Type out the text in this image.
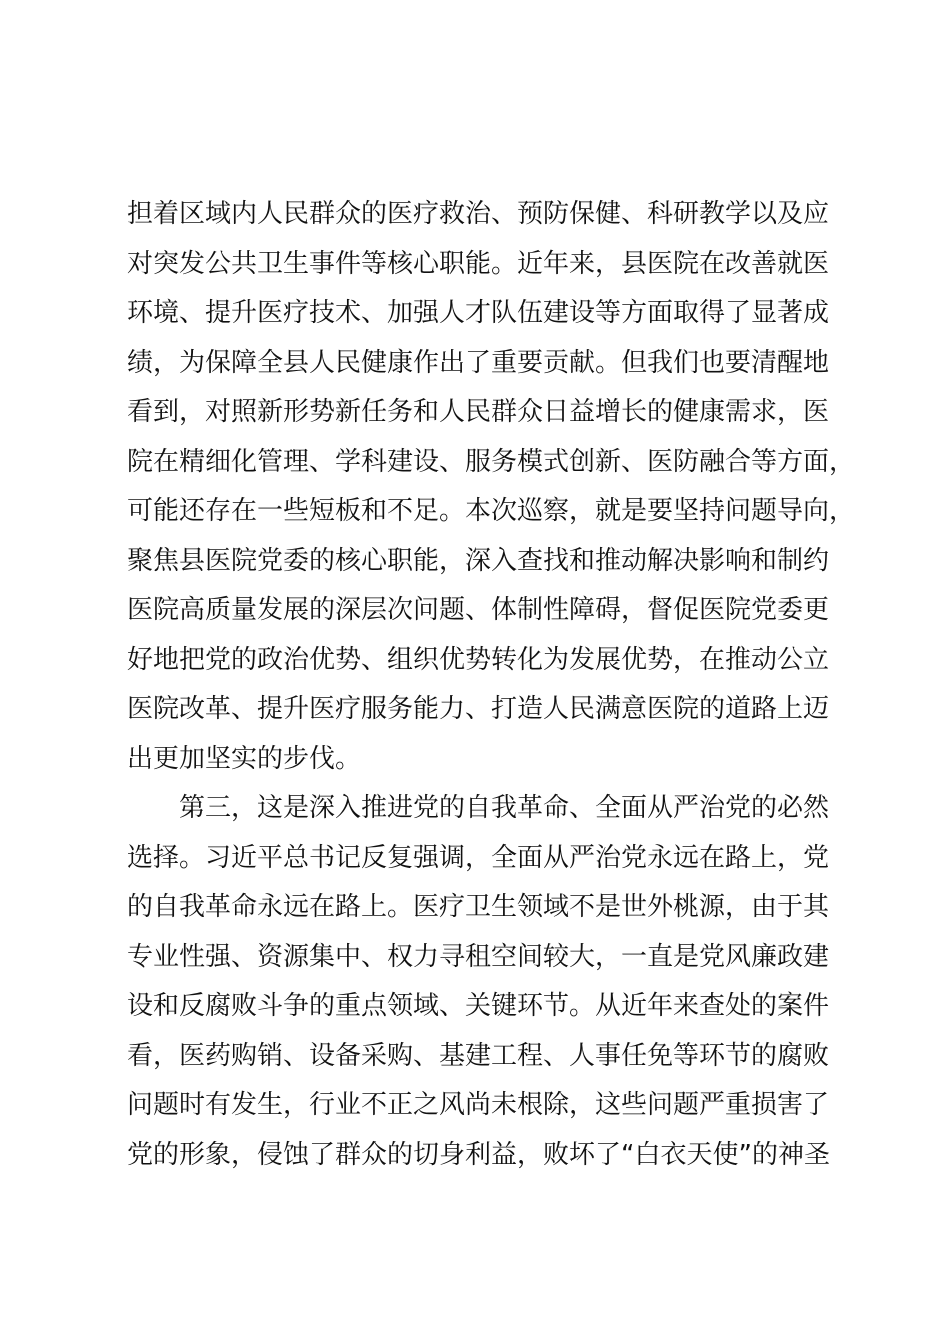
担着区域内人民群众的医疗救治、预防保健、科研教学以及应
对突发公共卫生事件等核心职能。近年来，县医院在改善就医
环境、提升医疗技术、加强人才队伍建设等方面取得了显著成
绩，为保障全县人民健康作出了重要贡献。但我们也要清醒地
看到，对照新形势新任务和人民群众日益增长的健康需求，医
院在精细化管理、学科建设、服务模式创新、医防融合等方面，
可能还存在一些短板和不足。本次巡察，就是要坚持问题导向，
聚焦县医院党委的核心职能，深入查找和推动解决影响和制约
医院高质量发展的深层次问题、体制性障碍，督促医院党委更
好地把党的政治优势、组织优势转化为发展优势，在推动公立
医院改革、提升医疗服务能力、打造人民满意医院的道路上迈
出更加坚实的步伐。
第三，这是深入推进党的自我革命、全面从严治党的必然
选择。习近平总书记反复强调，全面从严治党永远在路上，党
的自我革命永远在路上。医疗卫生领域不是世外桃源，由于其
专业性强、资源集中、权力寻租空间较大，一直是党风廉政建
设和反腐败斗争的重点领域、关键环节。从近年来查处的案件
看，医药购销、设备采购、基建工程、人事任免等环节的腐败
问题时有发生，行业不正之风尚未根除，这些问题严重损害了
党的形象，侵蚀了群众的切身利益，败坏了“白衣天使”的神圣
